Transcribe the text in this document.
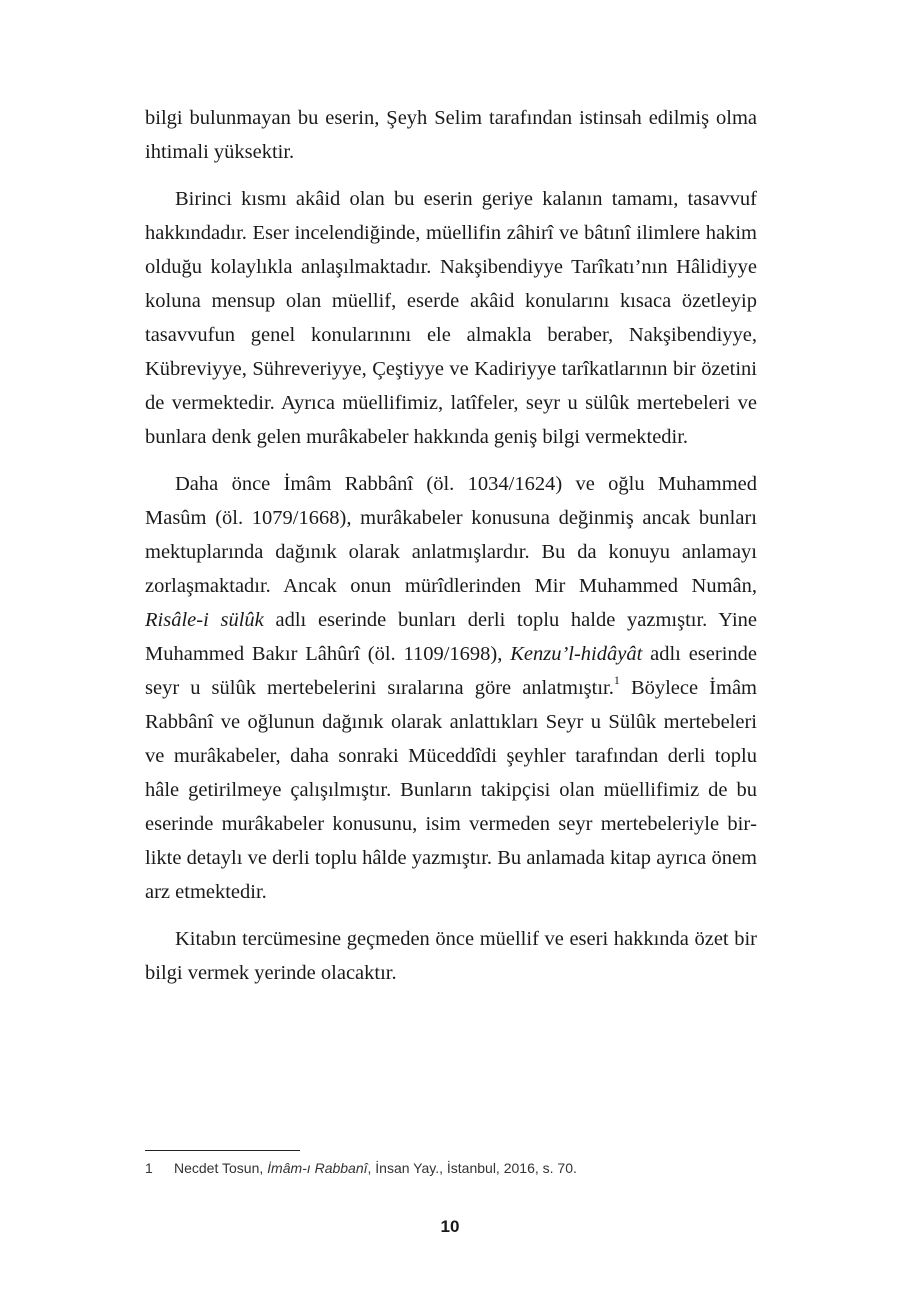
bilgi bulunmayan bu eserin, Şeyh Selim tarafından istinsah edilmiş olma ihtimali yüksektir.

Birinci kısmı akâid olan bu eserin geriye kalanın tamamı, tasavvuf hakkındadır. Eser incelendiğinde, müellifin zâhirî ve bâtınî ilimlere hakim olduğu kolaylıkla anlaşılmaktadır. Nakşibendiyye Tarîkatı’nın Hâlidiyye koluna mensup olan müellif, eserde akâid konularını kısaca özetleyip tasavvufun genel konularınını ele almakla beraber, Nakşibendiyye, Kübreviyye, Sühreveriyye, Çeştiyye ve Kadiriyye tarîkatlarının bir özetini de vermektedir. Ayrıca müellifimiz, latîfeler, seyr u sülûk mertebeleri ve bunlara denk gelen murâkabeler hakkında geniş bilgi vermektedir.

Daha önce İmâm Rabbânî (öl. 1034/1624) ve oğlu Muhammed Masûm (öl. 1079/1668), murâkabeler konusuna değinmiş ancak bunları mektuplarında dağınık olarak anlatmışlardır. Bu da konuyu anlamayı zorlaşmaktadır. Ancak onun mürîdlerinden Mir Muhammed Numân, Risâle-i sülûk adlı eserinde bunları derli toplu halde yazmıştır. Yine Muhammed Bakır Lâhûrî (öl. 1109/1698), Kenzu’l-hidâyât adlı eserinde seyr u sülûk mertebelerini sıralarına göre anlatmıştır.$^1$ Böylece İmâm Rabbânî ve oğlunun dağınık olarak anlattıkları Seyr u Sülûk mertebeleri ve murâkabeler, daha sonraki Müceddîdi şeyhler tarafından derli toplu hâle getirilmeye çalışılmıştır. Bunların takipçisi olan müellifimiz de bu eserinde murâkabeler konusunu, isim vermeden seyr mertebeleriyle birlikte detaylı ve derli toplu hâlde yazmıştır. Bu anlamada kitap ayrıca önem arz etmektedir.

Kitabın tercümesine geçmeden önce müellif ve eseri hakkında özet bir bilgi vermek yerinde olacaktır.

1	Necdet Tosun, İmâm-ı Rabbanî, İnsan Yay., İstanbul, 2016, s. 70.

10
